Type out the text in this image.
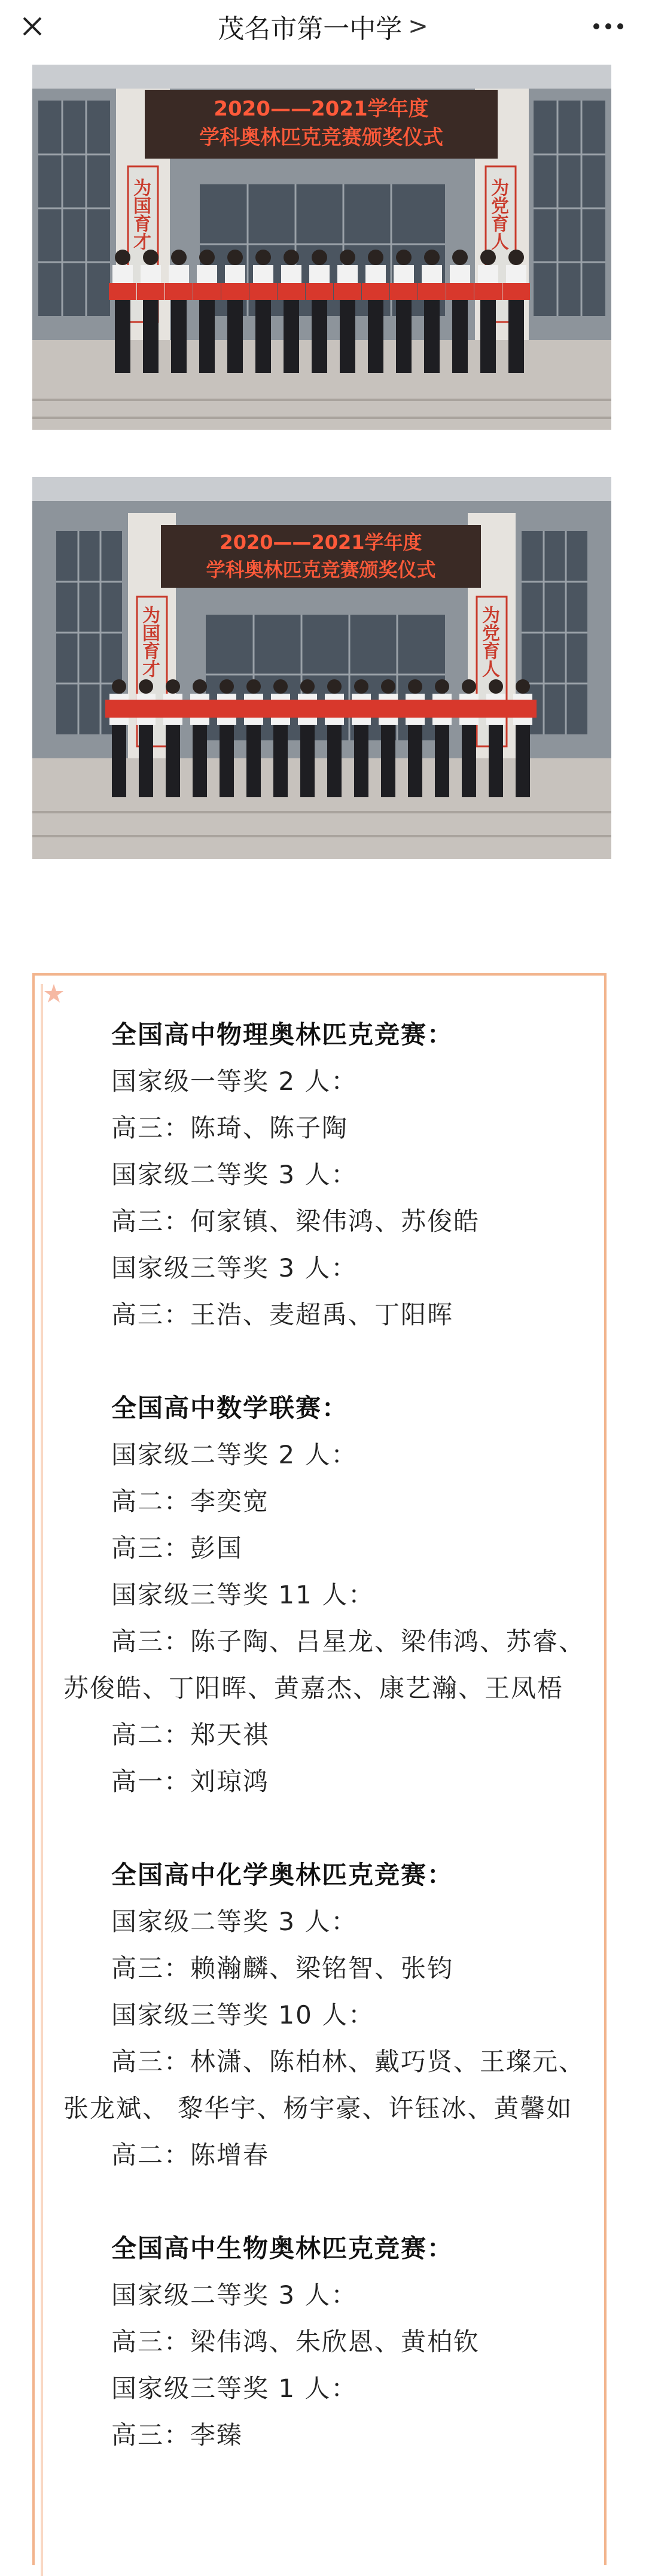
茂名市第一中学 >
2020——2021学年度
学科奥林匹克竞赛颁奖仪式
为国育才	为党育人
2020——2021学年度
学科奥林匹克竞赛颁奖仪式
为国育才	为党育人
全国高中物理奥林匹克竞赛：
国家级一等奖 2 人：
高三：陈琦、陈子陶
国家级二等奖 3 人：
高三：何家镇、梁伟鸿、苏俊皓
国家级三等奖 3 人：
高三：王浩、麦超禹、丁阳晖
全国高中数学联赛：
国家级二等奖 2 人：
高二：李奕宽
高三：彭国
国家级三等奖 11 人：
高三：陈子陶、吕星龙、梁伟鸿、苏睿、苏俊皓、丁阳晖、黄嘉杰、康艺瀚、王凤梧
高二：郑天祺
高一：刘琼鸿
全国高中化学奥林匹克竞赛：
国家级二等奖 3 人：
高三：赖瀚麟、梁铭智、张钧
国家级三等奖 10 人：
高三：林潇、陈柏林、戴巧贤、王璨元、张龙斌、 黎华宇、杨宇豪、许钰冰、黄馨如
高二：陈增春
全国高中生物奥林匹克竞赛：
国家级二等奖 3 人：
高三：梁伟鸿、朱欣恩、黄柏钦
国家级三等奖 1 人：
高三：李臻
